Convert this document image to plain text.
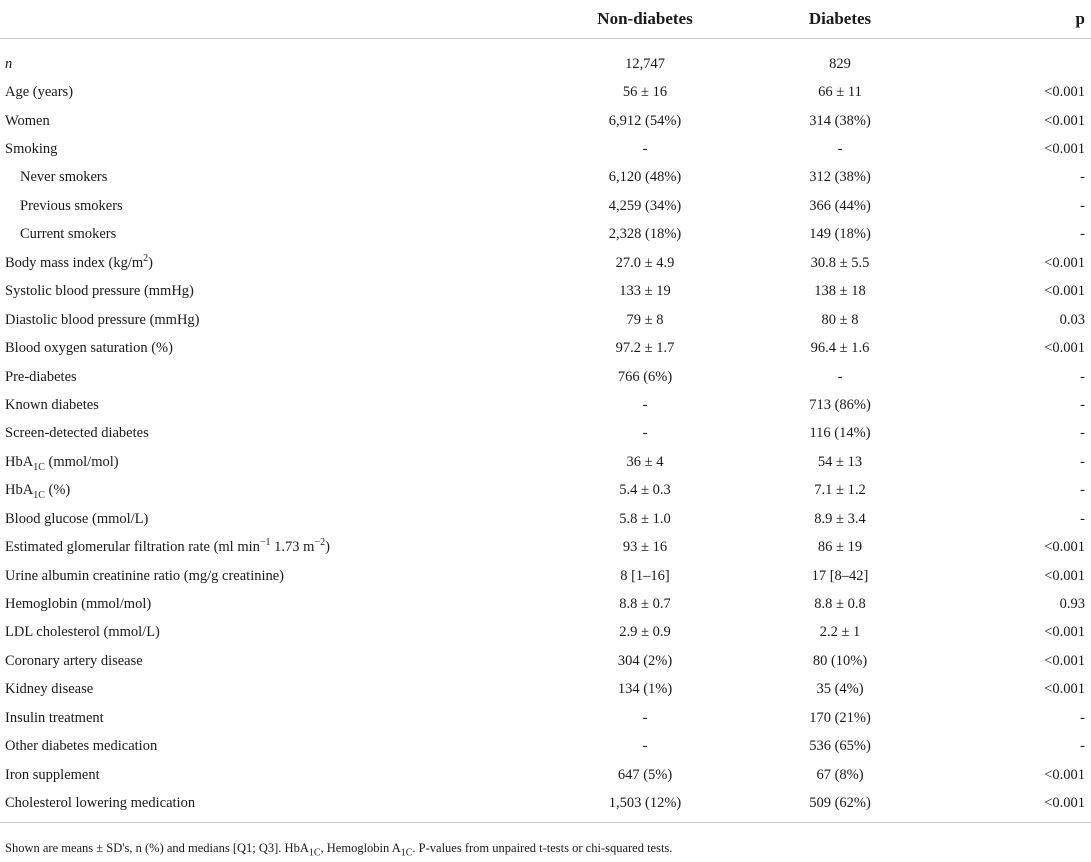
	Non-diabetes	Diabetes	p

n	12,747	829	
Age (years)	56 ± 16	66 ± 11	<0.001
Women	6,912 (54%)	314 (38%)	<0.001
Smoking	-	-	<0.001
Never smokers	6,120 (48%)	312 (38%)	-
Previous smokers	4,259 (34%)	366 (44%)	-
Current smokers	2,328 (18%)	149 (18%)	-
Body mass index $(kg/m^2)$	27.0 ± 4.9	30.8 ± 5.5	<0.001
Systolic blood pressure (mmHg)	133 ± 19	138 ± 18	<0.001
Diastolic blood pressure (mmHg)	79 ± 8	80 ± 8	0.03
Blood oxygen saturation (%)	97.2 ± 1.7	96.4 ± 1.6	<0.001
Pre-diabetes	766 (6%)	-	-
Known diabetes	-	713 (86%)	-
Screen-detected diabetes	-	116 (14%)	-
HbA$_{1C}$ (mmol/mol)	36 ± 4	54 ± 13	-
HbA$_{1C}$ (%)	5.4 ± 0.3	7.1 ± 1.2	-
Blood glucose (mmol/L)	5.8 ± 1.0	8.9 ± 3.4	-
Estimated glomerular filtration rate (ml $\min^{-1} 1.73$ $m^{-2}$)	93 ± 16	86 ± 19	<0.001
Urine albumin creatinine ratio (mg/g creatinine)	8 [1–16]	17 [8–42]	<0.001
Hemoglobin (mmol/mol)	8.8 ± 0.7	8.8 ± 0.8	0.93
LDL cholesterol (mmol/L)	2.9 ± 0.9	2.2 ± 1	<0.001
Coronary artery disease	304 (2%)	80 (10%)	<0.001
Kidney disease	134 (1%)	35 (4%)	<0.001
Insulin treatment	-	170 (21%)	-
Other diabetes medication	-	536 (65%)	-
Iron supplement	647 (5%)	67 (8%)	<0.001
Cholesterol lowering medication	1,503 (12%)	509 (62%)	<0.001
Shown are means ± SD's, n (%) and medians [Q1; Q3]. HbA$_{1C}$, Hemoglobin $A_{1C}$. P-values from unpaired t-tests or chi-squared tests.
